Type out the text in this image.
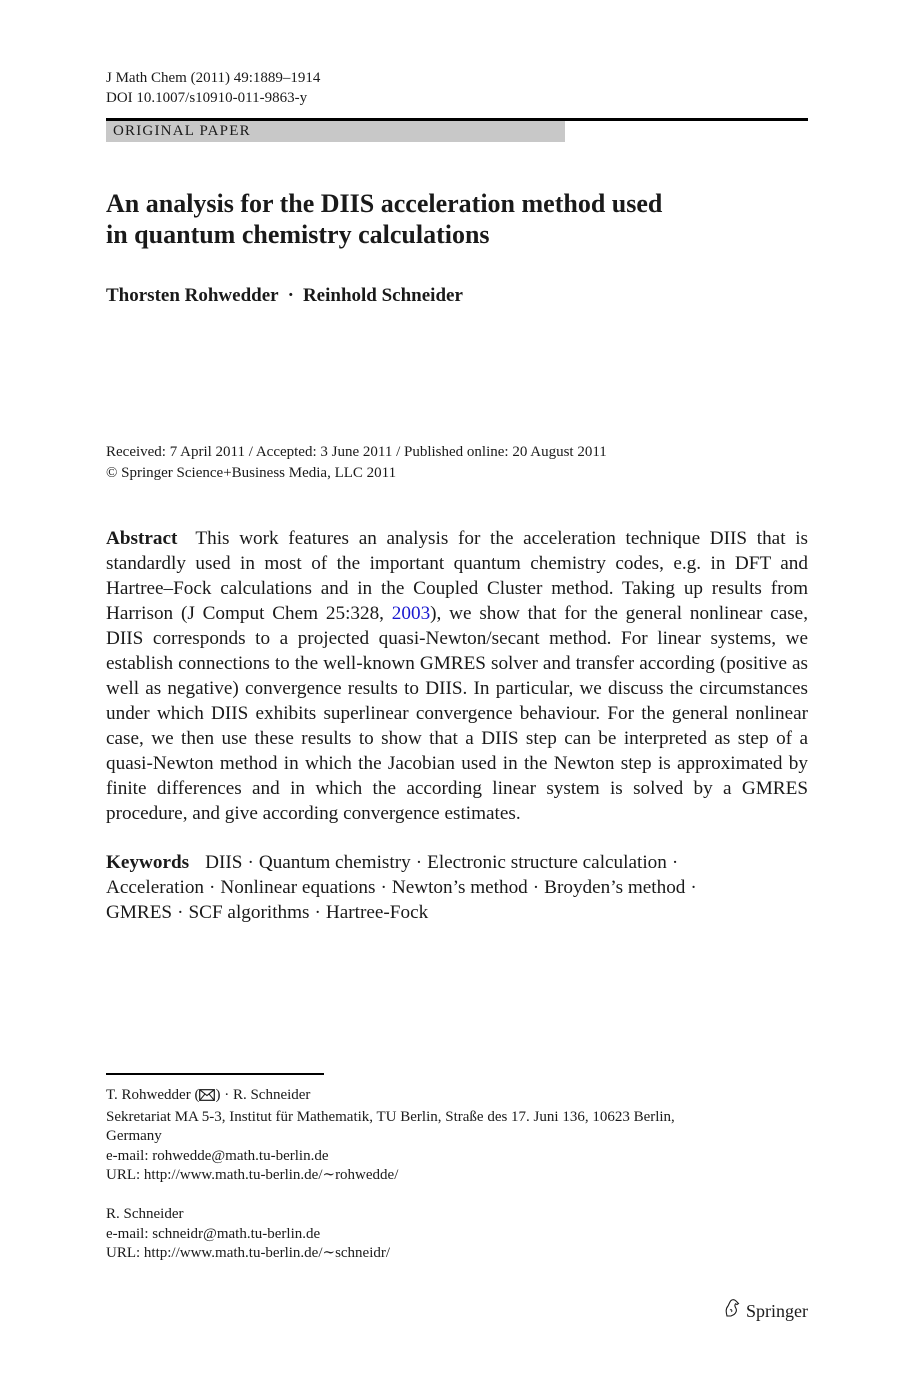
J Math Chem (2011) 49:1889–1914
DOI 10.1007/s10910-011-9863-y
ORIGINAL PAPER
An analysis for the DIIS acceleration method used
in quantum chemistry calculations
Thorsten Rohwedder · Reinhold Schneider
Received: 7 April 2011 / Accepted: 3 June 2011 / Published online: 20 August 2011
© Springer Science+Business Media, LLC 2011
Abstract This work features an analysis for the acceleration technique DIIS that is standardly used in most of the important quantum chemistry codes, e.g. in DFT and Hartree–Fock calculations and in the Coupled Cluster method. Taking up results from Harrison (J Comput Chem 25:328, 2003), we show that for the general nonlinear case, DIIS corresponds to a projected quasi-Newton/secant method. For linear systems, we establish connections to the well-known GMRES solver and transfer according (positive as well as negative) convergence results to DIIS. In particular, we discuss the circumstances under which DIIS exhibits superlinear convergence behaviour. For the general nonlinear case, we then use these results to show that a DIIS step can be interpreted as step of a quasi-Newton method in which the Jacobian used in the Newton step is approximated by finite differences and in which the according linear system is solved by a GMRES procedure, and give according convergence estimates.
Keywords DIIS · Quantum chemistry · Electronic structure calculation ·
Acceleration · Nonlinear equations · Newton’s method · Broyden’s method ·
GMRES · SCF algorithms · Hartree-Fock

T. Rohwedder ( ) · R. Schneider

Sekretariat MA 5-3, Institut für Mathematik, TU Berlin, Straße des 17. Juni 136, 10623 Berlin,

Germany

e-mail: rohwedde@math.tu-berlin.de

URL: http://www.math.tu-berlin.de/∼rohwedde/

R. Schneider

e-mail: schneidr@math.tu-berlin.de

URL: http://www.math.tu-berlin.de/∼schneidr/

Springer
